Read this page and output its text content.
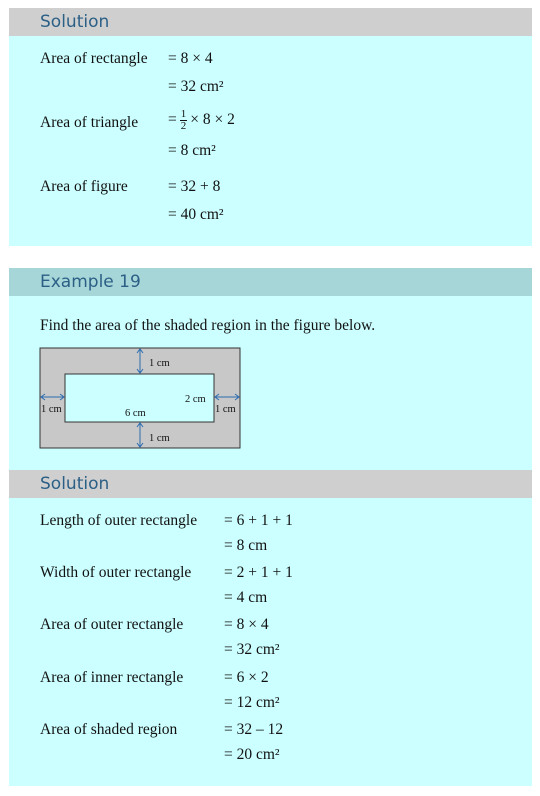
Solution
Area of rectangle = 8 × 4
= 32 cm²
Area of triangle = $\frac{1}{2} \times 8 \times 2$
= 8 cm²
Area of figure	= 32 + 8
= 40 cm²
Example 19
Find the area of the shaded region in the figure below.
1 cm
1 cm
1 cm	1 cm
6 cm
2 cm
Solution
Length of outer rectangle = 6 + 1 + 1
= 8 cm
Width of outer rectangle = 2 + 1 + 1
= 4 cm
Area of outer rectangle	= 8 × 4
= 32 cm²
Area of inner rectangle	= 6 × 2
= 12 cm²
Area of shaded region	= 32 – 12
= 20 cm²
